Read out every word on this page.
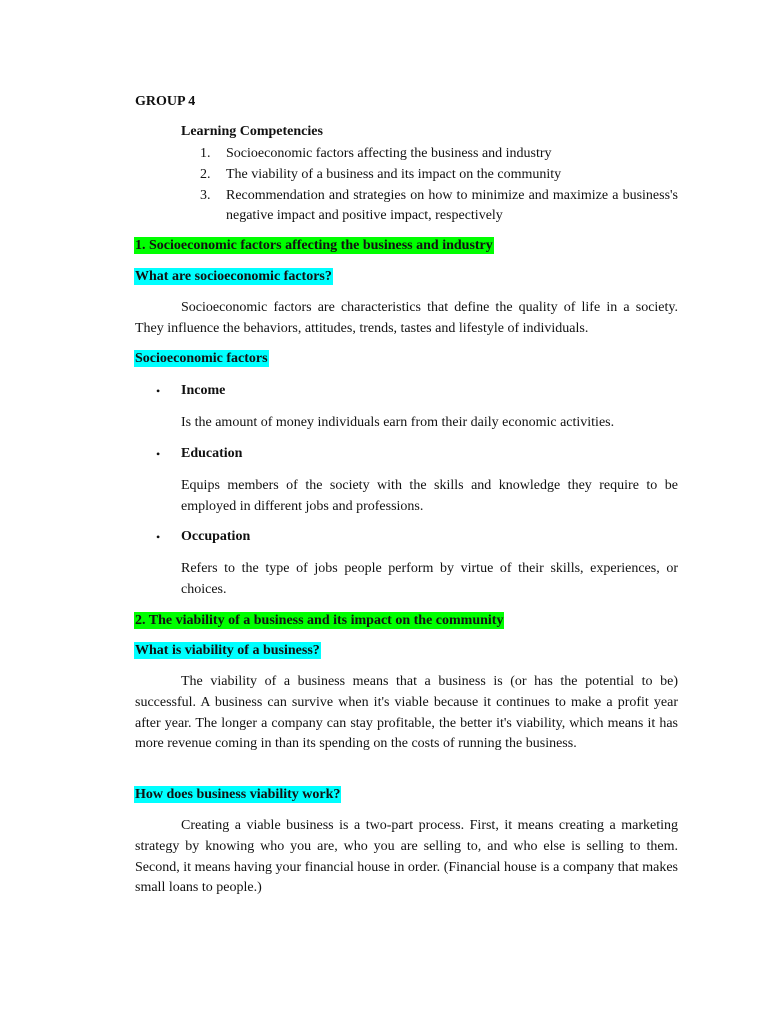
GROUP 4
Learning Competencies
1. Socioeconomic factors affecting the business and industry
2. The viability of a business and its impact on the community
3. Recommendation and strategies on how to minimize and maximize a business's negative impact and positive impact, respectively
1. Socioeconomic factors affecting the business and industry
What are socioeconomic factors?

Socioeconomic factors are characteristics that define the quality of life in a society. They influence the behaviors, attitudes, trends, tastes and lifestyle of individuals.

Socioeconomic factors
• Income

Is the amount of money individuals earn from their daily economic activities.

• Education

Equips members of the society with the skills and knowledge they require to be employed in different jobs and professions.

• Occupation

Refers to the type of jobs people perform by virtue of their skills, experiences, or choices.

2. The viability of a business and its impact on the community
What is viability of a business?

The viability of a business means that a business is (or has the potential to be) successful. A business can survive when it's viable because it continues to make a profit year after year. The longer a company can stay profitable, the better it's viability, which means it has more revenue coming in than its spending on the costs of running the business.

How does business viability work?

Creating a viable business is a two-part process. First, it means creating a marketing strategy by knowing who you are, who you are selling to, and who else is selling to them. Second, it means having your financial house in order. (Financial house is a company that makes small loans to people.)
